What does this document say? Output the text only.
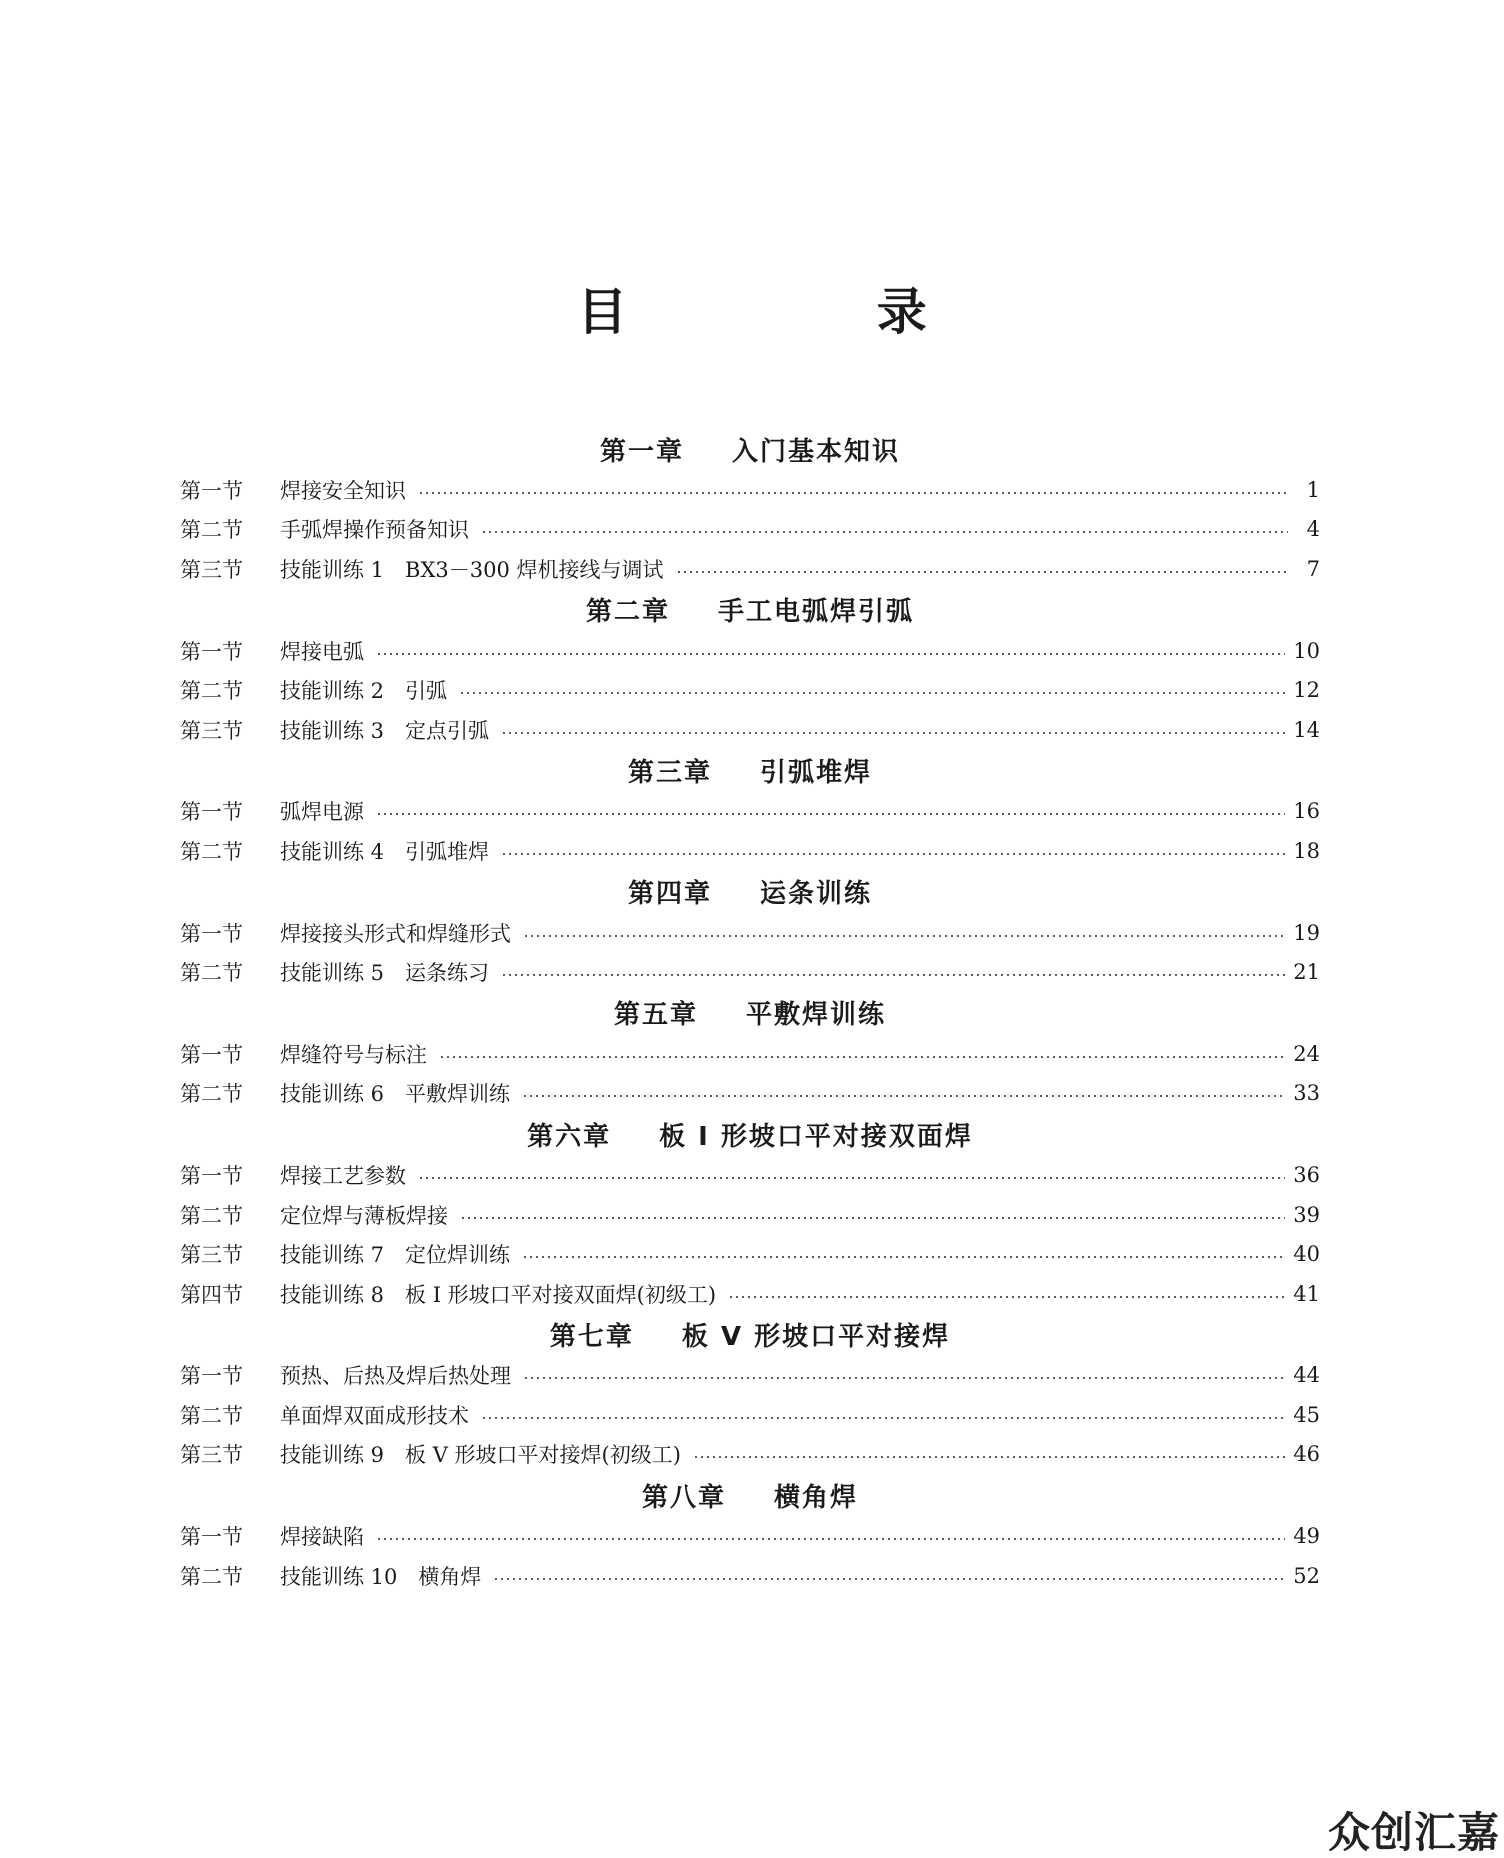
目 录
第一章 入门基本知识
第一节	焊接安全知识	1
第二节	手弧焊操作预备知识	4
第三节	技能训练 1　BX3－300 焊机接线与调试	7
第二章 手工电弧焊引弧
第一节	焊接电弧	10
第二节	技能训练 2　引弧	12
第三节	技能训练 3　定点引弧	14
第三章 引弧堆焊
第一节	弧焊电源	16
第二节	技能训练 4　引弧堆焊	18
第四章 运条训练
第一节	焊接接头形式和焊缝形式	19
第二节	技能训练 5　运条练习	21
第五章 平敷焊训练
第一节	焊缝符号与标注	24
第二节	技能训练 6　平敷焊训练	33
第六章 板 I 形坡口平对接双面焊
第一节	焊接工艺参数	36
第二节	定位焊与薄板焊接	39
第三节	技能训练 7　定位焊训练	40
第四节	技能训练 8　板 I 形坡口平对接双面焊(初级工)	41
第七章 板 V 形坡口平对接焊
第一节	预热、后热及焊后热处理	44
第二节	单面焊双面成形技术	45
第三节	技能训练 9　板 V 形坡口平对接焊(初级工)	46
第八章 横角焊
第一节	焊接缺陷	49
第二节	技能训练 10　横角焊	52
众创汇嘉
